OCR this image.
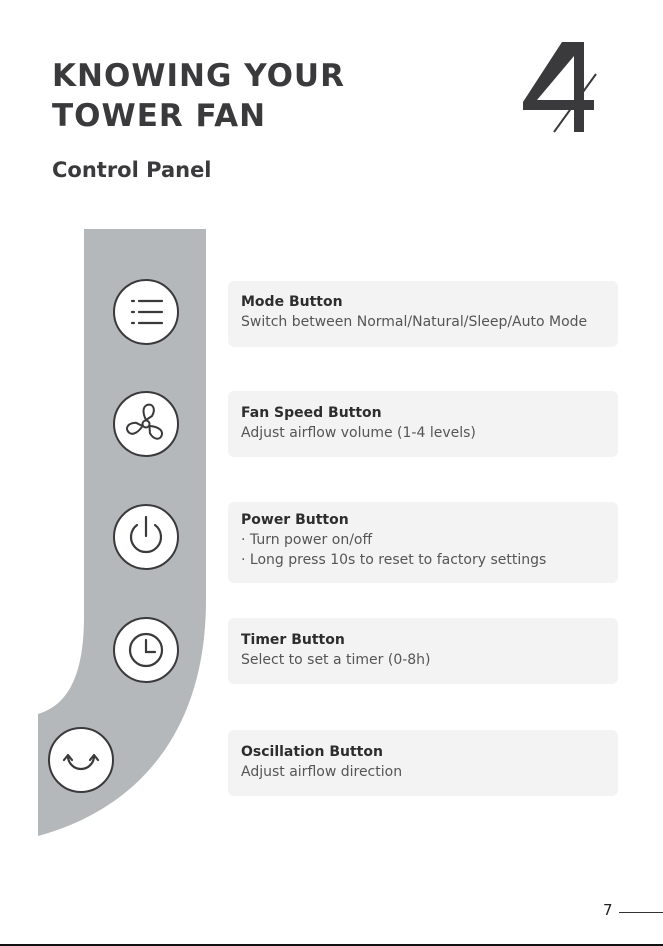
KNOWING YOUR
TOWER FAN
Control Panel
Mode Button
Switch between Normal/Natural/Sleep/Auto Mode
Fan Speed Button
Adjust airflow volume (1-4 levels)
Power Button
· Turn power on/off
· Long press 10s to reset to factory settings
Timer Button
Select to set a timer (0-8h)
Oscillation Button
Adjust airflow direction
7
